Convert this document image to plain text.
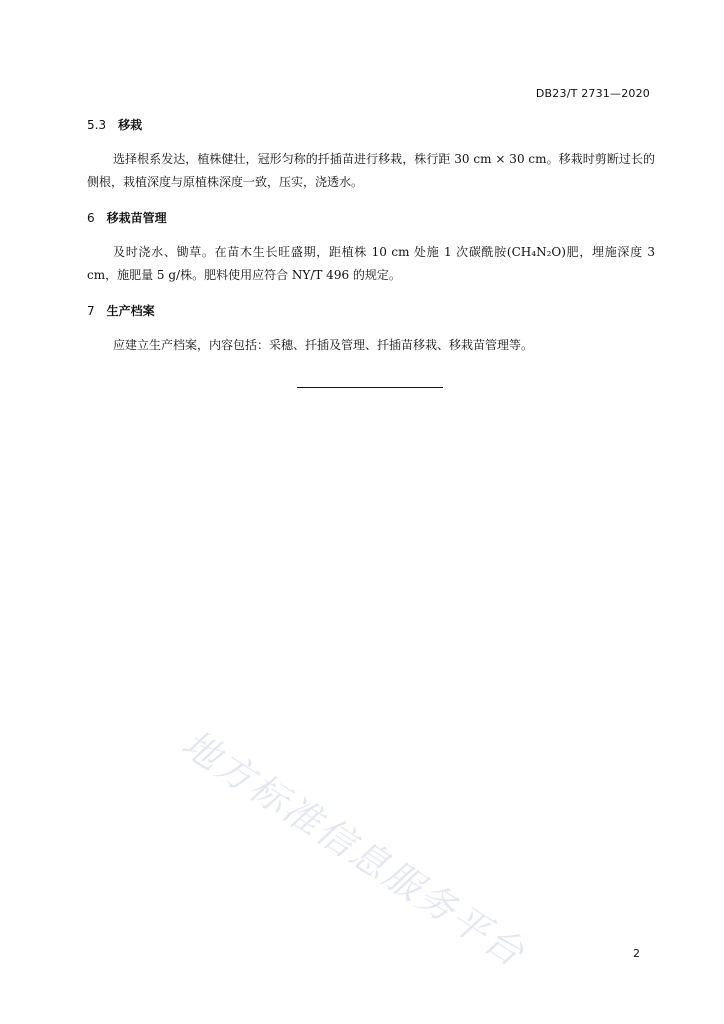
DB23/T 2731—2020
5.3 移栽
选择根系发达，植株健壮，冠形匀称的扦插苗进行移栽，株行距 30 cm × 30 cm。移栽时剪断过长的侧根，栽植深度与原植株深度一致，压实，浇透水。
6 移栽苗管理
及时浇水、锄草。在苗木生长旺盛期，距植株 10 cm 处施 1 次碳酰胺(CH₄N₂O)肥，埋施深度 3 cm，施肥量 5 g/株。肥料使用应符合 NY/T 496 的规定。
7 生产档案
应建立生产档案，内容包括：采穗、扦插及管理、扦插苗移栽、移栽苗管理等。
地方标准信息服务平台	2
